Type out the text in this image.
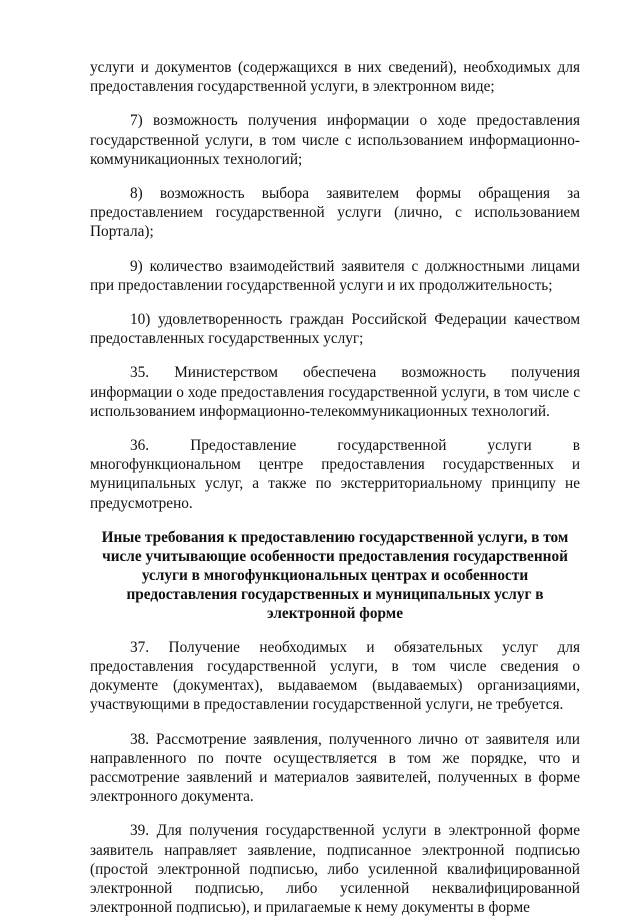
услуги и документов (содержащихся в них сведений), необходимых для предоставления государственной услуги, в электронном виде;

7) возможность получения информации о ходе предоставления государственной услуги, в том числе с использованием информационно-коммуникационных технологий;

8) возможность выбора заявителем формы обращения за предоставлением государственной услуги (лично, с использованием Портала);

9) количество взаимодействий заявителя с должностными лицами при предоставлении государственной услуги и их продолжительность;

10) удовлетворенность граждан Российской Федерации качеством предоставленных государственных услуг;

35. Министерством обеспечена возможность получения информации о ходе предоставления государственной услуги, в том числе с использованием информационно-телекоммуникационных технологий.

36. Предоставление государственной услуги в многофункциональном центре предоставления государственных и муниципальных услуг, а также по экстерриториальному принципу не предусмотрено.

Иные требования к предоставлению государственной услуги, в том числе учитывающие особенности предоставления государственной услуги в многофункциональных центрах и особенности предоставления государственных и муниципальных услуг в электронной форме

37. Получение необходимых и обязательных услуг для предоставления государственной услуги, в том числе сведения о документе (документах), выдаваемом (выдаваемых) организациями, участвующими в предоставлении государственной услуги, не требуется.

38. Рассмотрение заявления, полученного лично от заявителя или направленного по почте осуществляется в том же порядке, что и рассмотрение заявлений и материалов заявителей, полученных в форме электронного документа.

39. Для получения государственной услуги в электронной форме заявитель направляет заявление, подписанное электронной подписью (простой электронной подписью, либо усиленной квалифицированной электронной подписью, либо усиленной неквалифицированной электронной подписью), и прилагаемые к нему документы в форме
